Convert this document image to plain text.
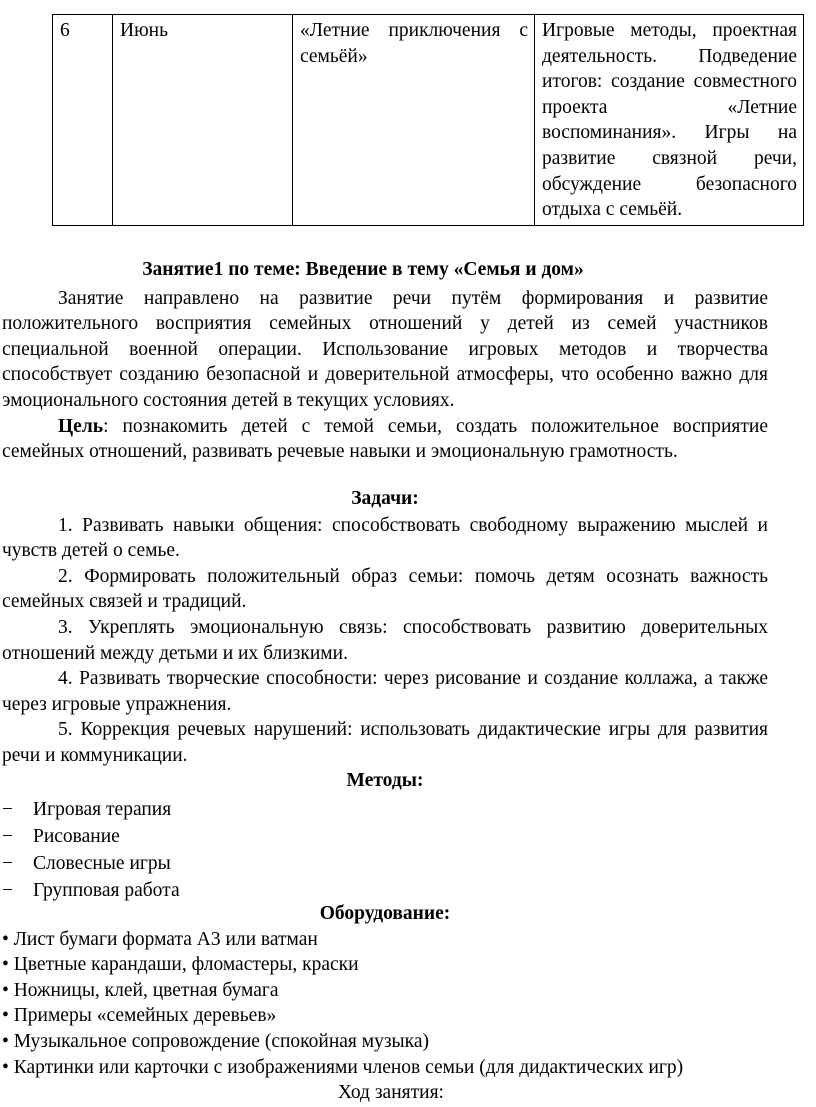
6	Июнь	«Летние приключения с семьёй»	Игровые методы, проектная деятельность. Подведение итогов: создание совместного проекта «Летние воспоминания». Игры на развитие связной речи, обсуждение безопасного отдыха с семьёй.

Занятие1 по теме: Введение в тему «Семья и дом»

Занятие направлено на развитие речи путём формирования и развитие положительного восприятия семейных отношений у детей из семей участников специальной военной операции. Использование игровых методов и творчества способствует созданию безопасной и доверительной атмосферы, что особенно важно для эмоционального состояния детей в текущих условиях.

Цель: познакомить детей с темой семьи, создать положительное восприятие семейных отношений, развивать речевые навыки и эмоциональную грамотность.

Задачи:

1. Развивать навыки общения: способствовать свободному выражению мыслей и чувств детей о семье.

2. Формировать положительный образ семьи: помочь детям осознать важность семейных связей и традиций.

3. Укреплять эмоциональную связь: способствовать развитию доверительных отношений между детьми и их близкими.

4. Развивать творческие способности: через рисование и создание коллажа, а также через игровые упражнения.

5. Коррекция речевых нарушений: использовать дидактические игры для развития речи и коммуникации.

Методы:

− Игровая терапия
− Рисование
− Словесные игры
− Групповая работа

Оборудование:

• Лист бумаги формата А3 или ватман

• Цветные карандаши, фломастеры, краски

• Ножницы, клей, цветная бумага

• Примеры «семейных деревьев»

• Музыкальное сопровождение (спокойная музыка)

• Картинки или карточки с изображениями членов семьи (для дидактических игр)

Ход занятия:
